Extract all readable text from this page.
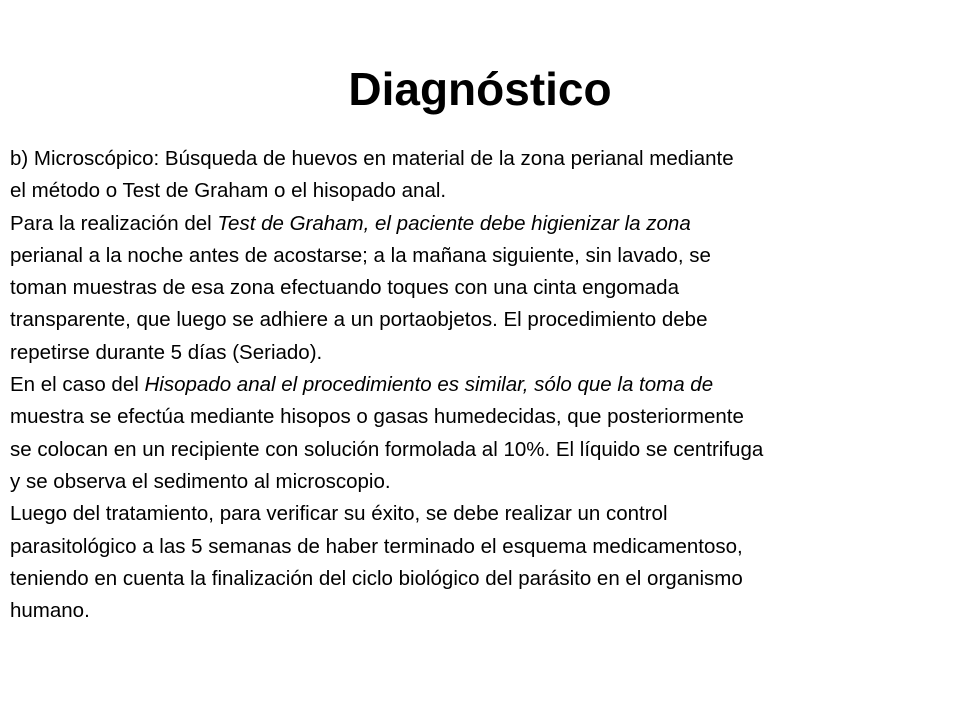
Diagnóstico
b) Microscópico: Búsqueda de huevos en material de la zona perianal mediante
el método o Test de Graham o el hisopado anal.
Para la realización del Test de Graham, el paciente debe higienizar la zona
perianal a la noche antes de acostarse; a la mañana siguiente, sin lavado, se
toman muestras de esa zona efectuando toques con una cinta engomada
transparente, que luego se adhiere a un portaobjetos. El procedimiento debe
repetirse durante 5 días (Seriado).
En el caso del Hisopado anal el procedimiento es similar, sólo que la toma de
muestra se efectúa mediante hisopos o gasas humedecidas, que posteriormente
se colocan en un recipiente con solución formolada al 10%. El líquido se centrifuga
y se observa el sedimento al microscopio.
Luego del tratamiento, para verificar su éxito, se debe realizar un control
parasitológico a las 5 semanas de haber terminado el esquema medicamentoso,
teniendo en cuenta la finalización del ciclo biológico del parásito en el organismo
humano.
